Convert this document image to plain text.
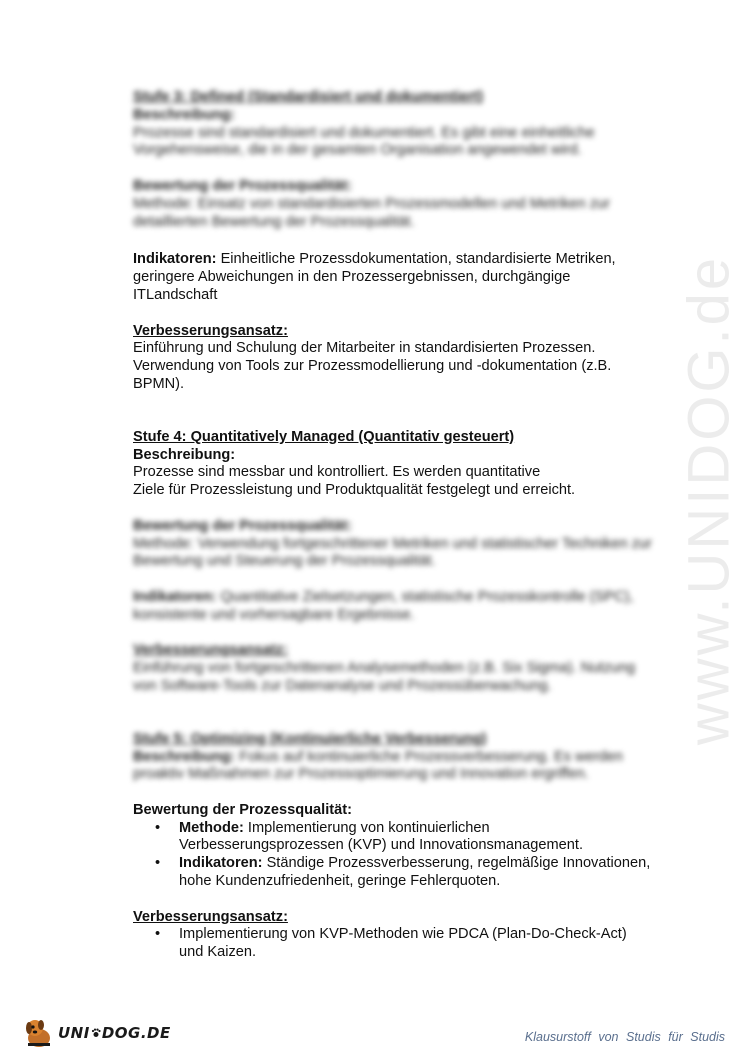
www.UNIDOG.de
Stufe 3: Defined (Standardisiert und dokumentiert)
Beschreibung:
Prozesse sind standardisiert und dokumentiert. Es gibt eine einheitliche Vorgehensweise, die in der gesamten Organisation angewendet wird.
Bewertung der Prozessqualität:
Methode: Einsatz von standardisierten Prozessmodellen und Metriken zur detaillierten Bewertung der Prozessqualität.

Indikatoren: Einheitliche Prozessdokumentation, standardisierte Metriken, geringere Abweichungen in den Prozessergebnissen, durchgängige ITLandschaft

Verbesserungsansatz:
Einführung und Schulung der Mitarbeiter in standardisierten Prozessen. Verwendung von Tools zur Prozessmodellierung und -dokumentation (z.B. BPMN).
Stufe 4: Quantitatively Managed (Quantitativ gesteuert)
Beschreibung:
Prozesse sind messbar und kontrolliert. Es werden quantitative
Ziele für Prozessleistung und Produktqualität festgelegt und erreicht.
Bewertung der Prozessqualität:
Methode: Verwendung fortgeschrittener Metriken und statistischer Techniken zur Bewertung und Steuerung der Prozessqualität.

Indikatoren: Quantitative Zielsetzungen, statistische Prozesskontrolle (SPC), konsistente und vorhersagbare Ergebnisse.

Verbesserungsansatz:
Einführung von fortgeschrittenen Analysemethoden (z.B. Six Sigma). Nutzung von Software-Tools zur Datenanalyse und Prozessüberwachung.
Stufe 5: Optimizing (Kontinuierliche Verbesserung)

Beschreibung: Fokus auf kontinuierliche Prozessverbesserung. Es werden proaktiv Maßnahmen zur Prozessoptimierung und Innovation ergriffen.

Bewertung der Prozessqualität:
• Methode: Implementierung von kontinuierlichen Verbesserungsprozessen (KVP) und Innovationsmanagement.
• Indikatoren: Ständige Prozessverbesserung, regelmäßige Innovationen, hohe Kundenzufriedenheit, geringe Fehlerquoten.
Verbesserungsansatz:
• Implementierung von KVP-Methoden wie PDCA (Plan-Do-Check-Act) und Kaizen.
UNI DOG.DE	Klausurstoff von Studis für Studis
